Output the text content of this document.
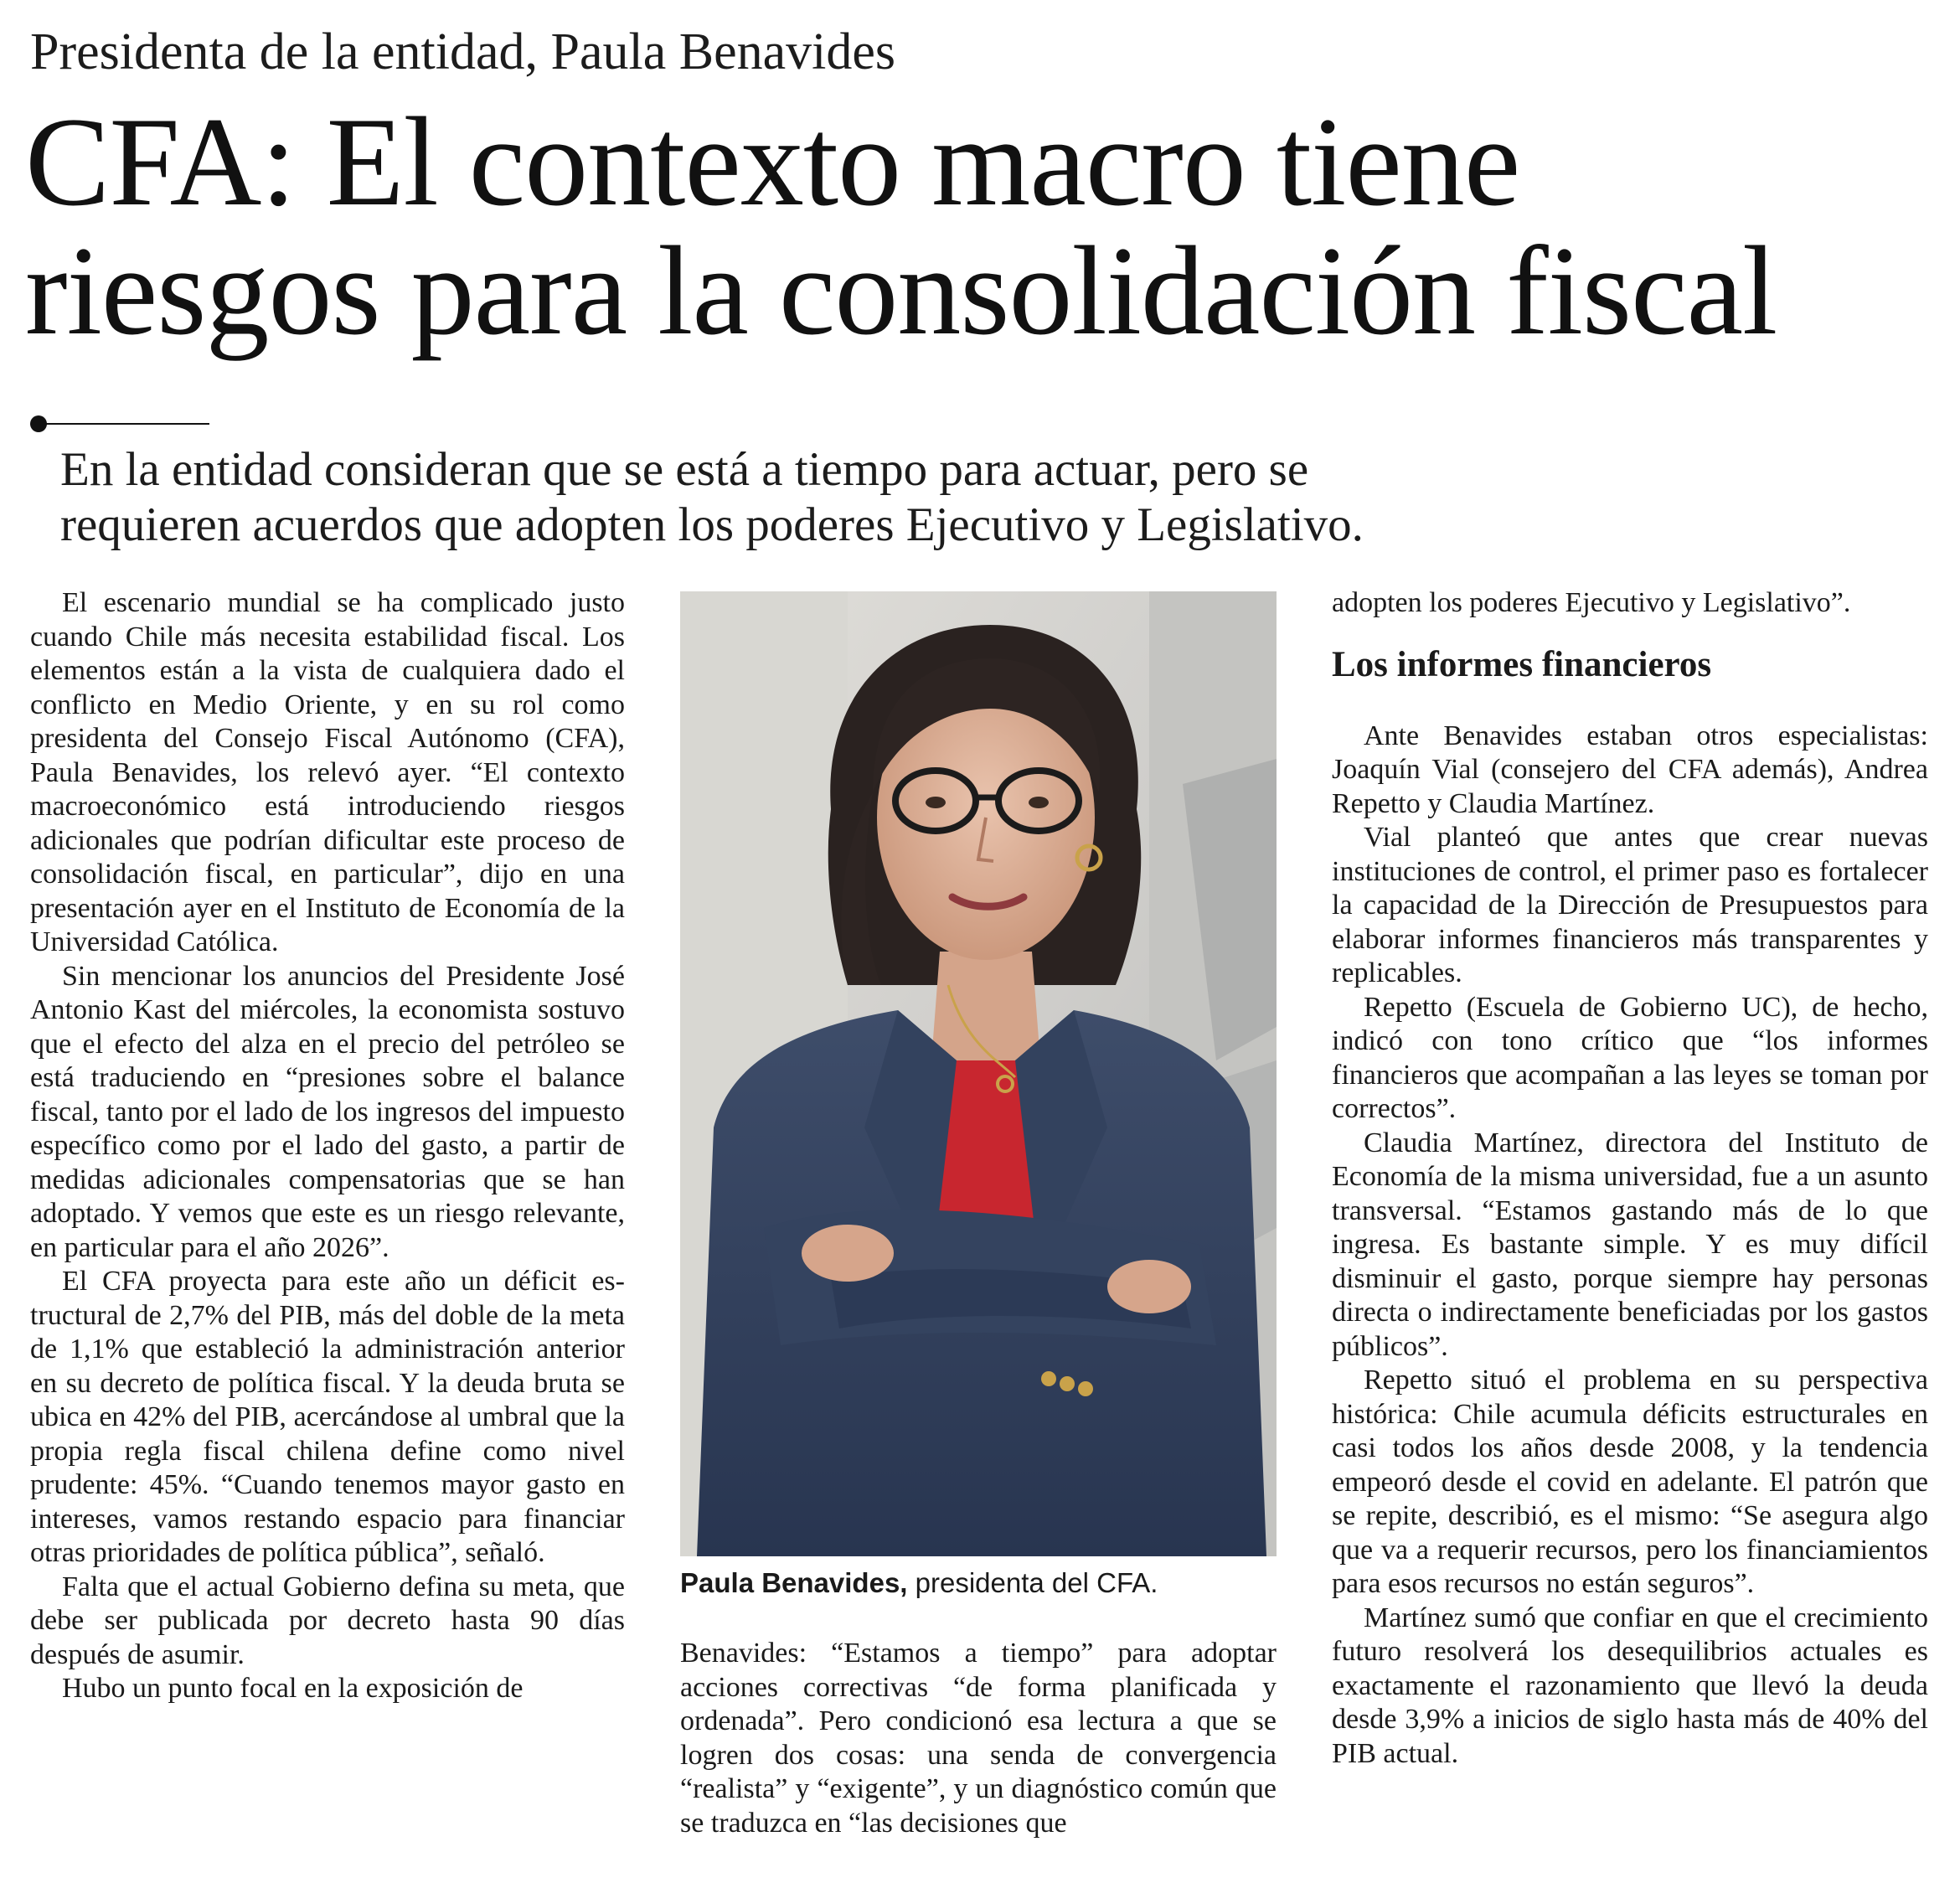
Presidenta de la entidad, Paula Benavides
CFA: El contexto macro tiene
riesgos para la consolidación fiscal
En la entidad consideran que se está a tiempo para actuar, pero se
requieren acuerdos que adopten los poderes Ejecutivo y Legislativo.

El escenario mundial se ha complicado justo cuando Chile más necesita estabilidad fiscal. Los elementos están a la vista de cualquiera dado el conflicto en Medio Oriente, y en su rol como presidenta del Consejo Fiscal Autónomo (CFA), Paula Benavides, los relevó ayer. “El contexto macroeconómico está introduciendo riesgos adicionales que podrían dificultar este proceso de consolidación fiscal, en particular”, dijo en una presentación ayer en el Instituto de Economía de la Universidad Católica.

Sin mencionar los anuncios del Presidente José Antonio Kast del miércoles, la economista sostuvo que el efecto del alza en el precio del petróleo se está traduciendo en “presiones sobre el balance fiscal, tanto por el lado de los ingresos del impuesto específico como por el lado del gasto, a partir de medidas adicionales compensatorias que se han adoptado. Y vemos que este es un riesgo relevante, en particular para el año 2026”.

El CFA proyecta para este año un déficit estructural de 2,7% del PIB, más del doble de la meta de 1,1% que estableció la administración anterior en su decreto de política fiscal. Y la deuda bruta se ubica en 42% del PIB, acercándose al umbral que la propia regla fiscal chilena define como nivel prudente: 45%. “Cuando tenemos mayor gasto en intereses, vamos restando espacio para financiar otras prioridades de política pública”, señaló.

Falta que el actual Gobierno defina su meta, que debe ser publicada por decreto hasta 90 días después de asumir.

Hubo un punto focal en la exposición de

Paula Benavides, presidenta del CFA.

Benavides: “Estamos a tiempo” para adoptar acciones correctivas “de forma planificada y ordenada”. Pero condicionó esa lectura a que se logren dos cosas: una senda de convergencia “realista” y “exigente”, y un diagnóstico común que se traduzca en “las decisiones que

adopten los poderes Ejecutivo y Legislativo”.

Los informes financieros

Ante Benavides estaban otros especialistas: Joaquín Vial (consejero del CFA además), Andrea Repetto y Claudia Martínez.

Vial planteó que antes que crear nuevas instituciones de control, el primer paso es fortalecer la capacidad de la Dirección de Presupuestos para elaborar informes financieros más transparentes y replicables.

Repetto (Escuela de Gobierno UC), de hecho, indicó con tono crítico que “los informes financieros que acompañan a las leyes se toman por correctos”.

Claudia Martínez, directora del Instituto de Economía de la misma universidad, fue a un asunto transversal. “Estamos gastando más de lo que ingresa. Es bastante simple. Y es muy difícil disminuir el gasto, porque siempre hay personas directa o indirectamente beneficiadas por los gastos públicos”.

Repetto situó el problema en su perspectiva histórica: Chile acumula déficits estructurales en casi todos los años desde 2008, y la tendencia empeoró desde el covid en adelante. El patrón que se repite, describió, es el mismo: “Se asegura algo que va a requerir recursos, pero los financiamientos para esos recursos no están seguros”.

Martínez sumó que confiar en que el crecimiento futuro resolverá los desequilibrios actuales es exactamente el razonamiento que llevó la deuda desde 3,9% a inicios de siglo hasta más de 40% del PIB actual.
